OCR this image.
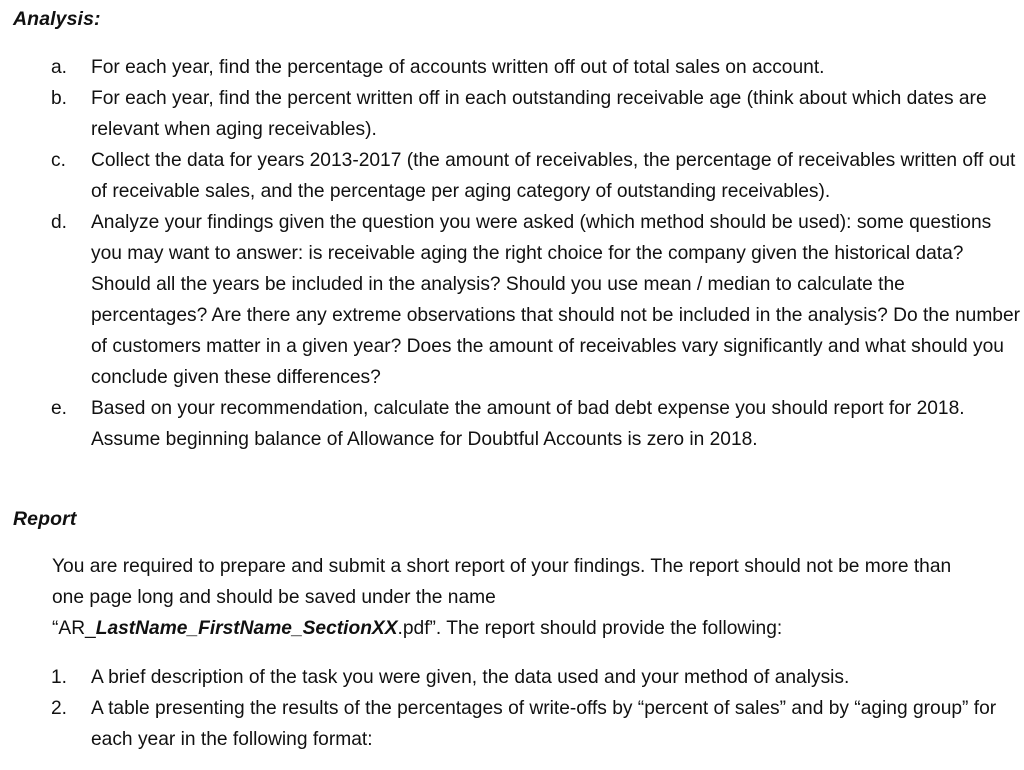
Analysis:
a.	For each year, find the percentage of accounts written off out of total sales on account.
b.	For each year, find the percent written off in each outstanding receivable age (think about which dates are relevant when aging receivables).
c.	Collect the data for years 2013-2017 (the amount of receivables, the percentage of receivables written off out of receivable sales, and the percentage per aging category of outstanding receivables).
d.	Analyze your findings given the question you were asked (which method should be used): some questions you may want to answer: is receivable aging the right choice for the company given the historical data? Should all the years be included in the analysis? Should you use mean / median to calculate the percentages? Are there any extreme observations that should not be included in the analysis? Do the number of customers matter in a given year? Does the amount of receivables vary significantly and what should you conclude given these differences?
e.	Based on your recommendation, calculate the amount of bad debt expense you should report for 2018. Assume beginning balance of Allowance for Doubtful Accounts is zero in 2018.
Report

You are required to prepare and submit a short report of your findings. The report should not be more than one page long and should be saved under the name
“AR_LastName_FirstName_SectionXX.pdf”. The report should provide the following:

1.	A brief description of the task you were given, the data used and your method of analysis.
2.	A table presenting the results of the percentages of write-offs by “percent of sales” and by “aging group” for each year in the following format:
